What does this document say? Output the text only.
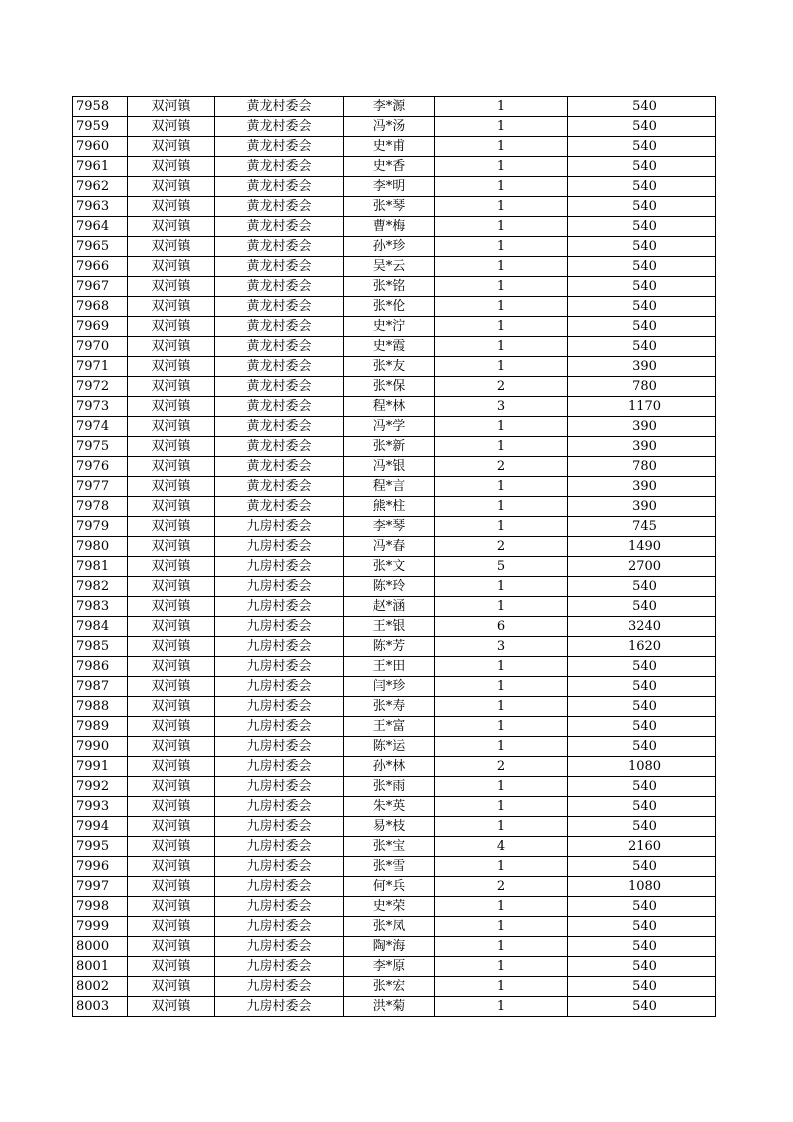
7958	双河镇	黄龙村委会	李*源	1	540
7959	双河镇	黄龙村委会	冯*汤	1	540
7960	双河镇	黄龙村委会	史*甫	1	540
7961	双河镇	黄龙村委会	史*香	1	540
7962	双河镇	黄龙村委会	李*明	1	540
7963	双河镇	黄龙村委会	张*琴	1	540
7964	双河镇	黄龙村委会	曹*梅	1	540
7965	双河镇	黄龙村委会	孙*珍	1	540
7966	双河镇	黄龙村委会	吴*云	1	540
7967	双河镇	黄龙村委会	张*铭	1	540
7968	双河镇	黄龙村委会	张*伦	1	540
7969	双河镇	黄龙村委会	史*泞	1	540
7970	双河镇	黄龙村委会	史*霞	1	540
7971	双河镇	黄龙村委会	张*友	1	390
7972	双河镇	黄龙村委会	张*保	2	780
7973	双河镇	黄龙村委会	程*林	3	1170
7974	双河镇	黄龙村委会	冯*学	1	390
7975	双河镇	黄龙村委会	张*新	1	390
7976	双河镇	黄龙村委会	冯*银	2	780
7977	双河镇	黄龙村委会	程*言	1	390
7978	双河镇	黄龙村委会	熊*柱	1	390
7979	双河镇	九房村委会	李*琴	1	745
7980	双河镇	九房村委会	冯*春	2	1490
7981	双河镇	九房村委会	张*文	5	2700
7982	双河镇	九房村委会	陈*玲	1	540
7983	双河镇	九房村委会	赵*涵	1	540
7984	双河镇	九房村委会	王*银	6	3240
7985	双河镇	九房村委会	陈*芳	3	1620
7986	双河镇	九房村委会	王*田	1	540
7987	双河镇	九房村委会	闫*珍	1	540
7988	双河镇	九房村委会	张*寿	1	540
7989	双河镇	九房村委会	王*富	1	540
7990	双河镇	九房村委会	陈*运	1	540
7991	双河镇	九房村委会	孙*林	2	1080
7992	双河镇	九房村委会	张*雨	1	540
7993	双河镇	九房村委会	朱*英	1	540
7994	双河镇	九房村委会	易*枝	1	540
7995	双河镇	九房村委会	张*宝	4	2160
7996	双河镇	九房村委会	张*雪	1	540
7997	双河镇	九房村委会	何*兵	2	1080
7998	双河镇	九房村委会	史*荣	1	540
7999	双河镇	九房村委会	张*凤	1	540
8000	双河镇	九房村委会	陶*海	1	540
8001	双河镇	九房村委会	李*原	1	540
8002	双河镇	九房村委会	张*宏	1	540
8003	双河镇	九房村委会	洪*菊	1	540
